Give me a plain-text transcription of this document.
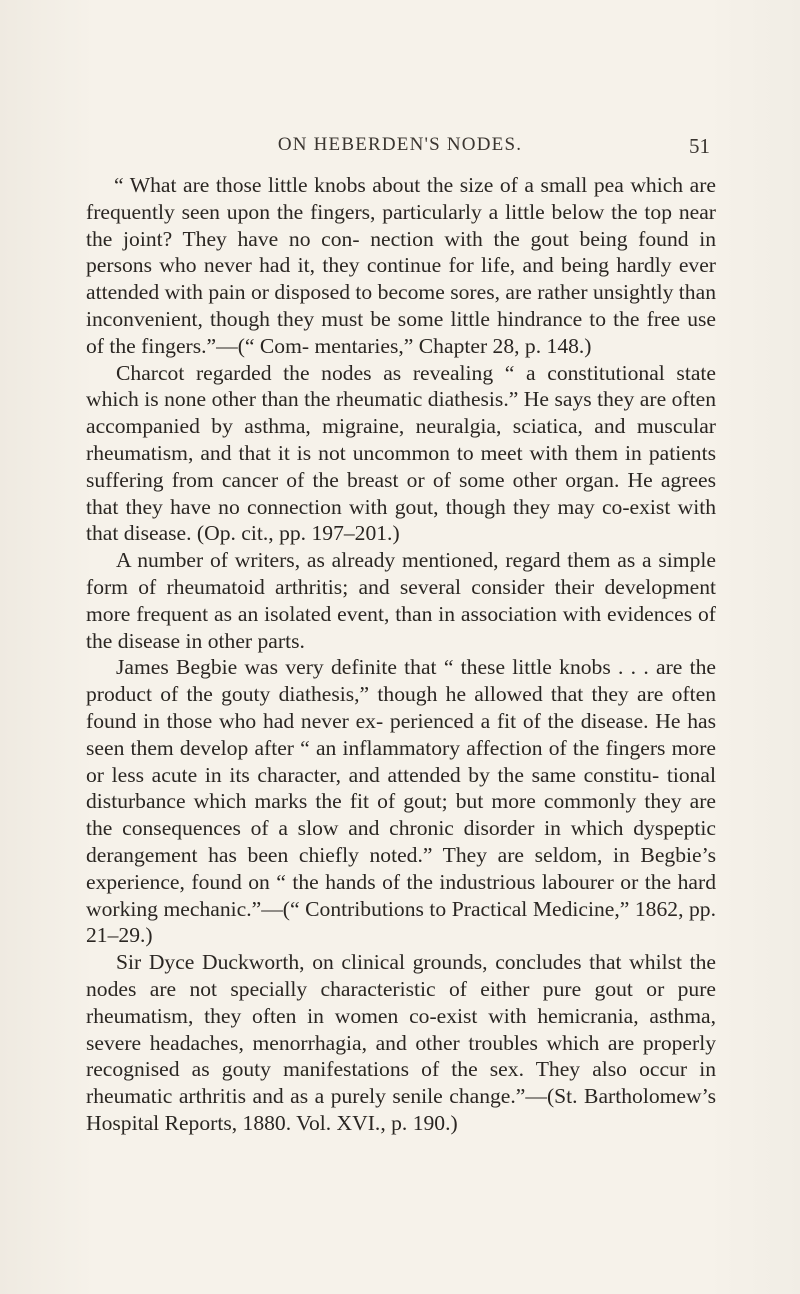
ON HEBERDEN'S NODES.	51

“ What are those little knobs about the size of a small pea which are frequently seen upon the fingers, particularly a little below the top near the joint? They have no con- nection with the gout being found in persons who never had it, they continue for life, and being hardly ever attended with pain or disposed to become sores, are rather unsightly than inconvenient, though they must be some little hindrance to the free use of the fingers.”—(“ Com- mentaries,” Chapter 28, p. 148.)

Charcot regarded the nodes as revealing “ a constitutional state which is none other than the rheumatic diathesis.” He says they are often accompanied by asthma, migraine, neuralgia, sciatica, and muscular rheumatism, and that it is not uncommon to meet with them in patients suffering from cancer of the breast or of some other organ. He agrees that they have no connection with gout, though they may co-exist with that disease. (Op. cit., pp. 197–201.)

A number of writers, as already mentioned, regard them as a simple form of rheumatoid arthritis; and several consider their development more frequent as an isolated event, than in association with evidences of the disease in other parts.

James Begbie was very definite that “ these little knobs . . . are the product of the gouty diathesis,” though he allowed that they are often found in those who had never ex- perienced a fit of the disease. He has seen them develop after “ an inflammatory affection of the fingers more or less acute in its character, and attended by the same constitu- tional disturbance which marks the fit of gout; but more commonly they are the consequences of a slow and chronic disorder in which dyspeptic derangement has been chiefly noted.” They are seldom, in Begbie’s experience, found on “ the hands of the industrious labourer or the hard working mechanic.”—(“ Contributions to Practical Medicine,” 1862, pp. 21–29.)

Sir Dyce Duckworth, on clinical grounds, concludes that whilst the nodes are not specially characteristic of either pure gout or pure rheumatism, they often in women co-exist with hemicrania, asthma, severe headaches, menorrhagia, and other troubles which are properly recognised as gouty manifestations of the sex. They also occur in rheumatic arthritis and as a purely senile change.”—(St. Bartholomew’s Hospital Reports, 1880. Vol. XVI., p. 190.)
